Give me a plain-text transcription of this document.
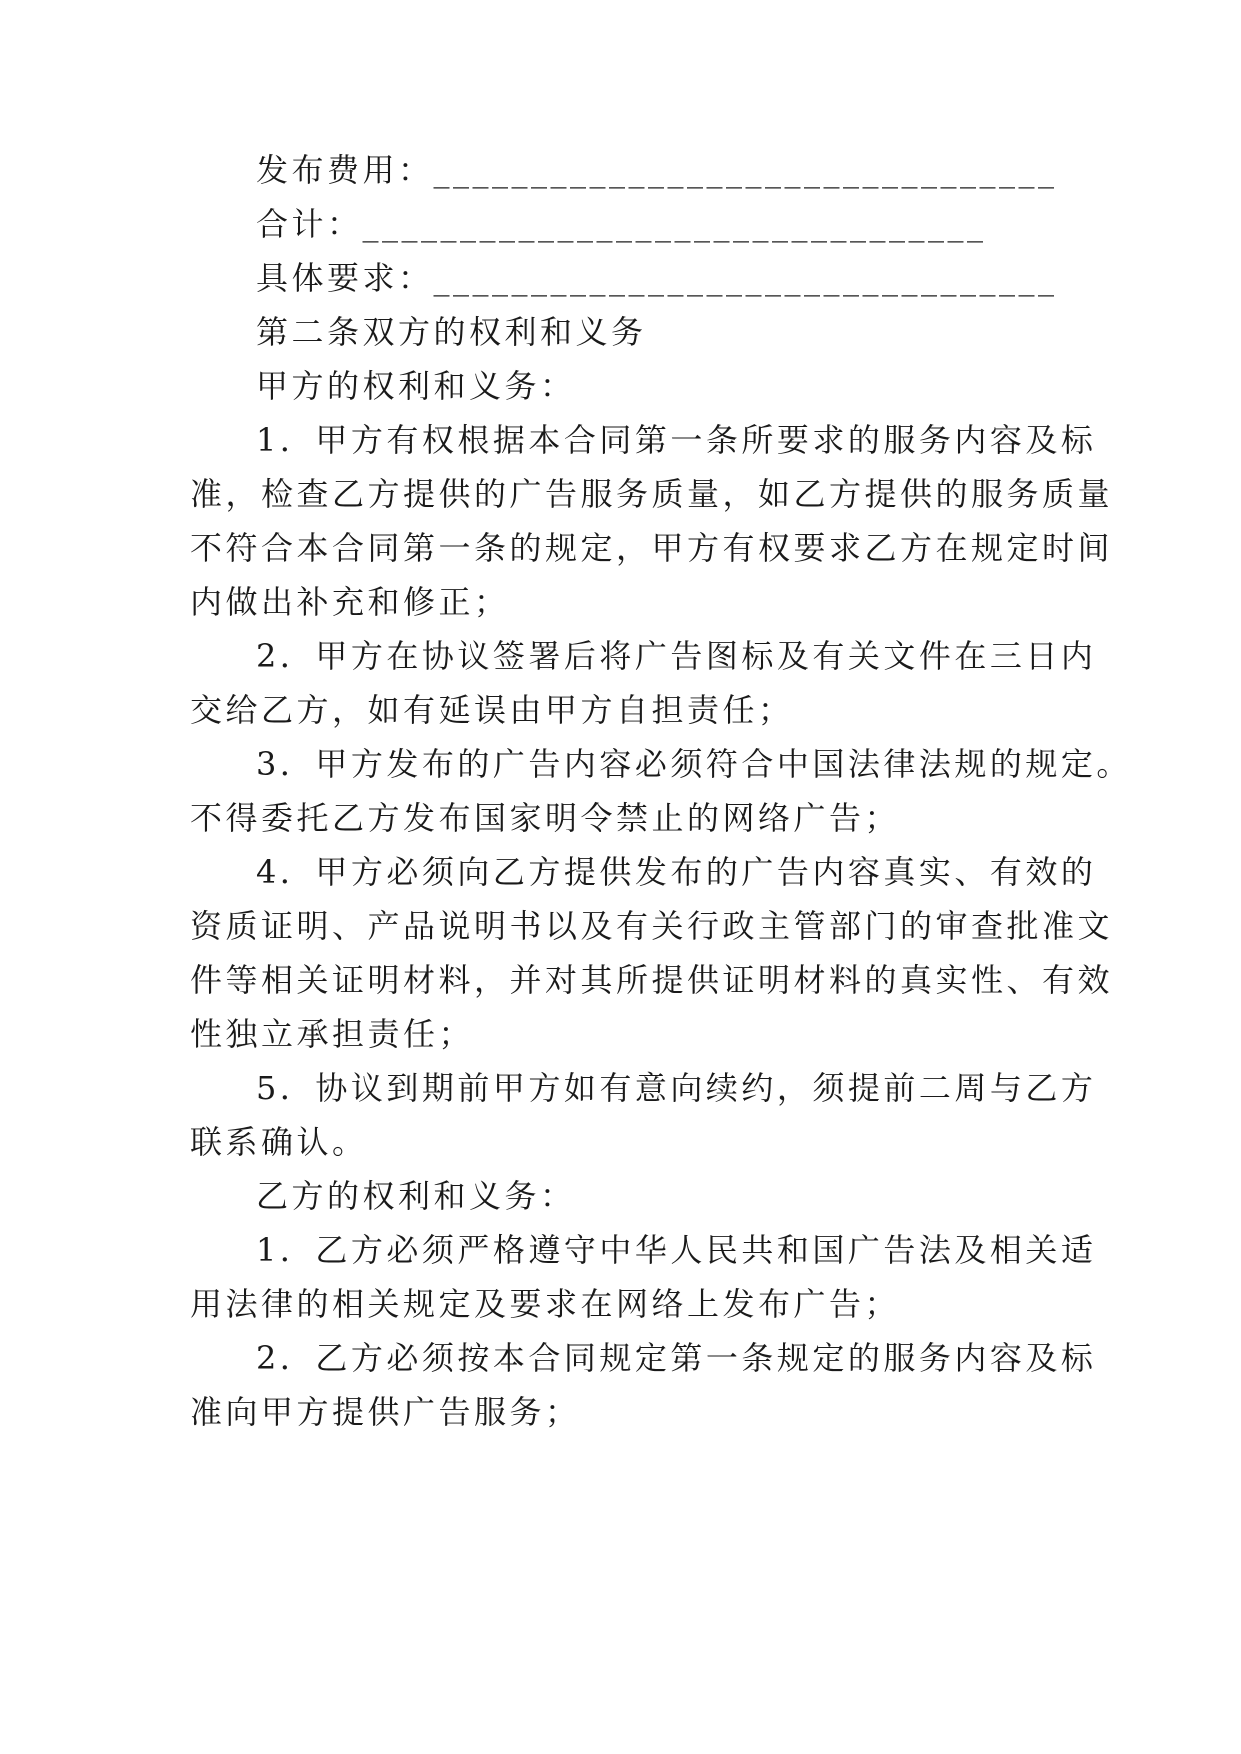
发布费用：________________________________
合计：________________________________
具体要求：________________________________
第二条双方的权利和义务
甲方的权利和义务：
1．甲方有权根据本合同第一条所要求的服务内容及标
准，检查乙方提供的广告服务质量，如乙方提供的服务质量
不符合本合同第一条的规定，甲方有权要求乙方在规定时间
内做出补充和修正；
2．甲方在协议签署后将广告图标及有关文件在三日内
交给乙方，如有延误由甲方自担责任；
3．甲方发布的广告内容必须符合中国法律法规的规定。
不得委托乙方发布国家明令禁止的网络广告；
4．甲方必须向乙方提供发布的广告内容真实、有效的
资质证明、产品说明书以及有关行政主管部门的审查批准文
件等相关证明材料，并对其所提供证明材料的真实性、有效
性独立承担责任；
5．协议到期前甲方如有意向续约，须提前二周与乙方
联系确认。
乙方的权利和义务：
1．乙方必须严格遵守中华人民共和国广告法及相关适
用法律的相关规定及要求在网络上发布广告；
2．乙方必须按本合同规定第一条规定的服务内容及标
准向甲方提供广告服务；
